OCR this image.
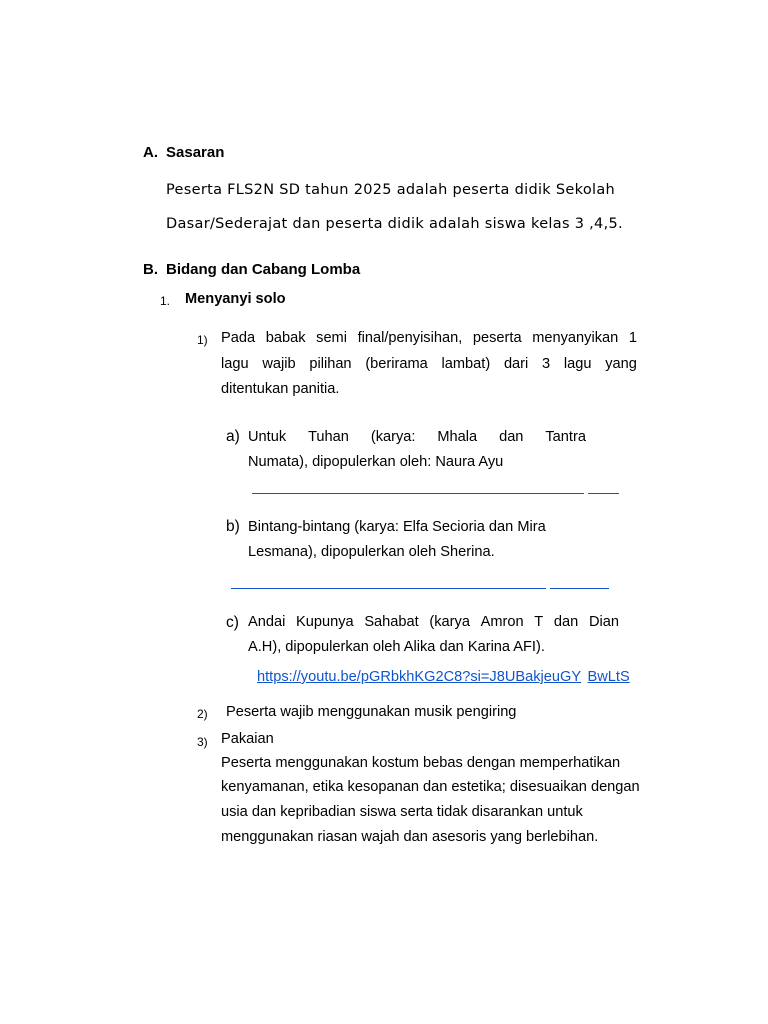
A. Sasaran
Peserta FLS2N SD tahun 2025 adalah peserta didik Sekolah
Dasar/Sederajat dan peserta didik adalah siswa kelas 3 ,4,5.
B. Bidang dan Cabang Lomba
1. Menyanyi solo
1) Pada babak semi final/penyisihan, peserta menyanyikan 1
lagu wajib pilihan (berirama lambat) dari 3 lagu yang
ditentukan panitia.
a) Untuk Tuhan (karya: Mhala dan Tantra
Numata), dipopulerkan oleh: Naura Ayu
b) Bintang-bintang (karya: Elfa Secioria dan Mira
Lesmana), dipopulerkan oleh Sherina.
c) Andai Kupunya Sahabat (karya Amron T dan Dian
A.H), dipopulerkan oleh Alika dan Karina AFI).
https://youtu.be/pGRbkhKG2C8?si=J8UBakjeuGY BwLtS
2) Peserta wajib menggunakan musik pengiring
3) Pakaian
Peserta menggunakan kostum bebas dengan memperhatikan
kenyamanan, etika kesopanan dan estetika; disesuaikan dengan
usia dan kepribadian siswa serta tidak disarankan untuk
menggunakan riasan wajah dan asesoris yang berlebihan.
